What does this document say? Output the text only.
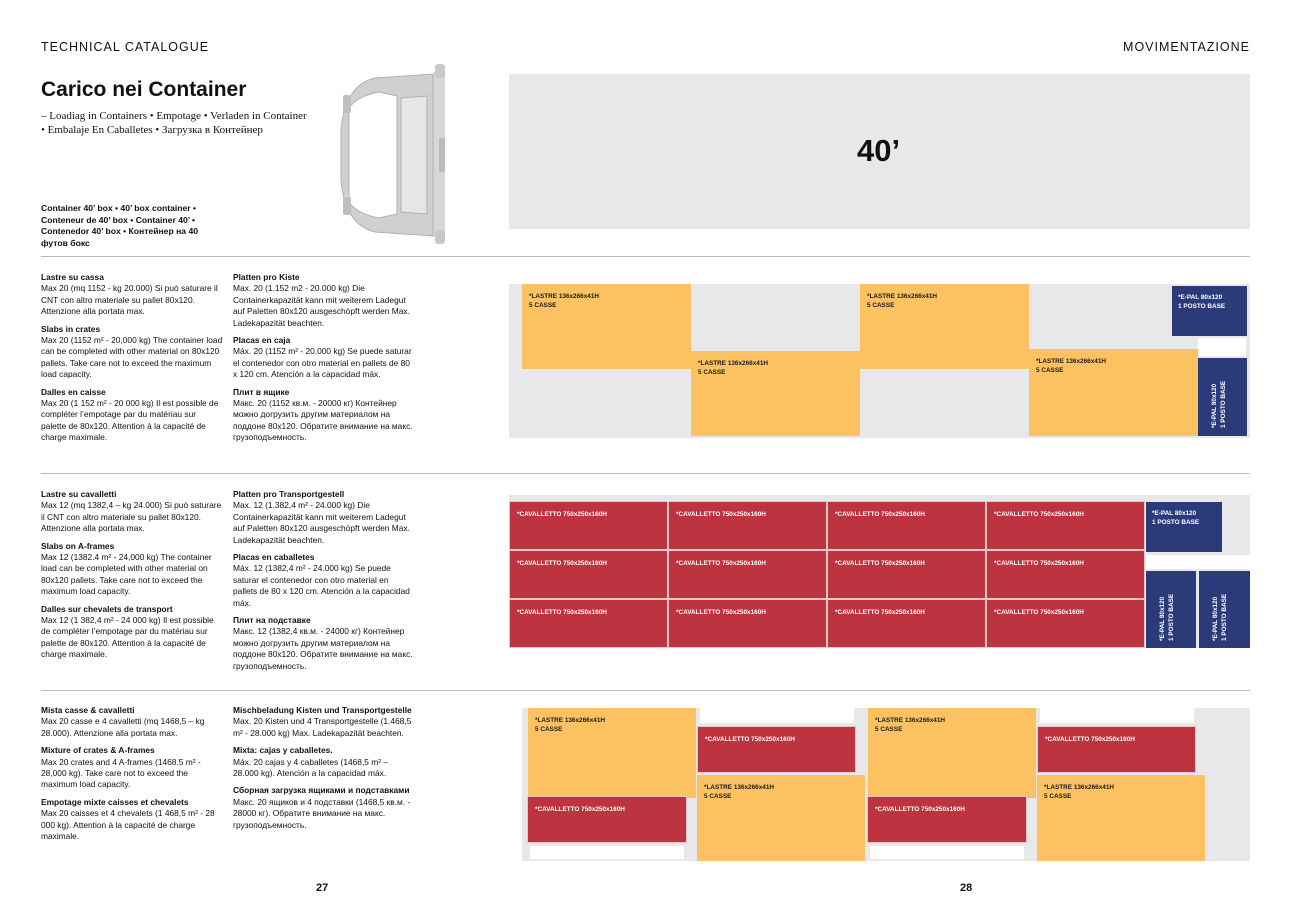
TECHNICAL CATALOGUE	MOVIMENTAZIONE
Carico nei Container
– Loadiag in Containers • Empotage • Verladen in Container
• Embalaje En Caballetes • Загрузка в Контейнер
Container 40’ box • 40’ box container • Conteneur de 40’ box • Container 40’ • Contenedor 40’ box • Контейнер на 40 футов бокс
40’

Lastre su cassa
Max 20 (mq 1152 - kg 20.000) Si può saturare il CNT con altro materiale su pallet 80x120. Attenzione alla portata max.

Slabs in crates
Max 20 (1152 m² - 20,000 kg) The container load can be completed with other material on 80x120 pallets. Take care not to exceed the maximum load capacity.

Dalles en caisse
Max 20 (1 152 m² - 20 000 kg) Il est possible de compléter l’empotage par du matériau sur palette de 80x120. Attention à la capacité de charge maximale.

Platten pro Kiste
Max. 20 (1.152 m2 - 20.000 kg) Die Containerkapazität kann mit weiterem Ladegut auf Paletten 80x120 ausgeschöpft werden Max. Ladekapazität beachten.

Placas en caja
Máx. 20 (1152 m² - 20.000 kg) Se puede saturar el contenedor con otro material en pallets de 80 x 120 cm. Atención a la capacidad máx.

Плит в ящике
Макс. 20 (1152 кв.м. - 20000 кг) Контейнер можно догрузить другим материалом на поддоне 80x120. Обратите внимание на макс. грузоподъемность.

Lastre su cavalletti
Max 12 (mq 1382,4 – kg 24.000) Si può saturare il CNT con altro materiale su pallet 80x120. Attenzione alla portata max.

Slabs on A-frames
Max 12 (1382.4 m² - 24,000 kg) The container load can be completed with other material on 80x120 pallets. Take care not to exceed the maximum load capacity.

Dalles sur chevalets de transport
Max 12 (1 382,4 m² - 24 000 kg) Il est possible de compléter l’empotage par du matériau sur palette de 80x120. Attention à la capacité de charge maximale.

Platten pro Transportgestell
Max. 12 (1.382,4 m² - 24.000 kg) Die Containerkapazität kann mit weiterem Ladegut auf Paletten 80x120 ausgeschöpft werden Max. Ladekapazität beachten.

Placas en caballetes
Máx. 12 (1382,4 m² - 24.000 kg) Se puede saturar el contenedor con otro material en pallets de 80 x 120 cm. Atención a la capacidad máx.

Плит на подставке
Макс. 12 (1382,4 кв.м. - 24000 кг) Контейнер можно догрузить другим материалом на поддоне 80x120. Обратите внимание на макс. грузоподъемность.

Mista casse & cavalletti
Max 20 casse e 4 cavalletti (mq 1468,5 – kg 28.000). Attenzione alla portata max.

Mixture of crates & A-frames
Max 20 crates and 4 A-frames (1468.5 m² - 28,000 kg). Take care not to exceed the maximum load capacity.

Empotage mixte caisses et chevalets
Max 20 caisses et 4 chevalets (1 468,5 m² - 28 000 kg). Attention à la capacité de charge maximale.

Mischbeladung Kisten und Transportgestelle
Max. 20 Kisten und 4 Transportgestelle (1.468,5 m² - 28.000 kg) Max. Ladekapazität beachten.

Mixta: cajas y caballetes.
Máx. 20 cajas y 4 caballetes (1468,5 m² – 28.000 kg). Atención a la capacidad máx.

Сборная загрузка ящиками и подставками
Макс. 20 ящиков и 4 подставки (1468,5 кв.м. - 28000 кг). Обратите внимание на макс. грузоподъемность.

*LASTRE 136x266x41H
5 CASSE
*LASTRE 136x266x41H
5 CASSE
*LASTRE 136x266x41H
5 CASSE
*LASTRE 136x266x41H
5 CASSE
*E-PAL 80x120
1 POSTO BASE
*E-PAL 80x120 1 POSTO BASE
*CAVALLETTO 750x250x160H	*CAVALLETTO 750x250x160H	*CAVALLETTO 750x250x160H	*CAVALLETTO 750x250x160H
*CAVALLETTO 750x250x160H	*CAVALLETTO 750x250x160H	*CAVALLETTO 750x250x160H	*CAVALLETTO 750x250x160H
*CAVALLETTO 750x250x160H	*CAVALLETTO 750x250x160H	*CAVALLETTO 750x250x160H	*CAVALLETTO 750x250x160H
*E-PAL 80x120
1 POSTO BASE
*E-PAL 80x120 1 POSTO BASE	*E-PAL 80x120 1 POSTO BASE
*LASTRE 136x266x41H
5 CASSE
*CAVALLETTO 750x250x160H
*LASTRE 136x266x41H
5 CASSE
*CAVALLETTO 750x250x160H
*CAVALLETTO 750x250x160H
*LASTRE 136x266x41H
5 CASSE
*CAVALLETTO 750x250x160H
*LASTRE 136x266x41H
5 CASSE
27	28
